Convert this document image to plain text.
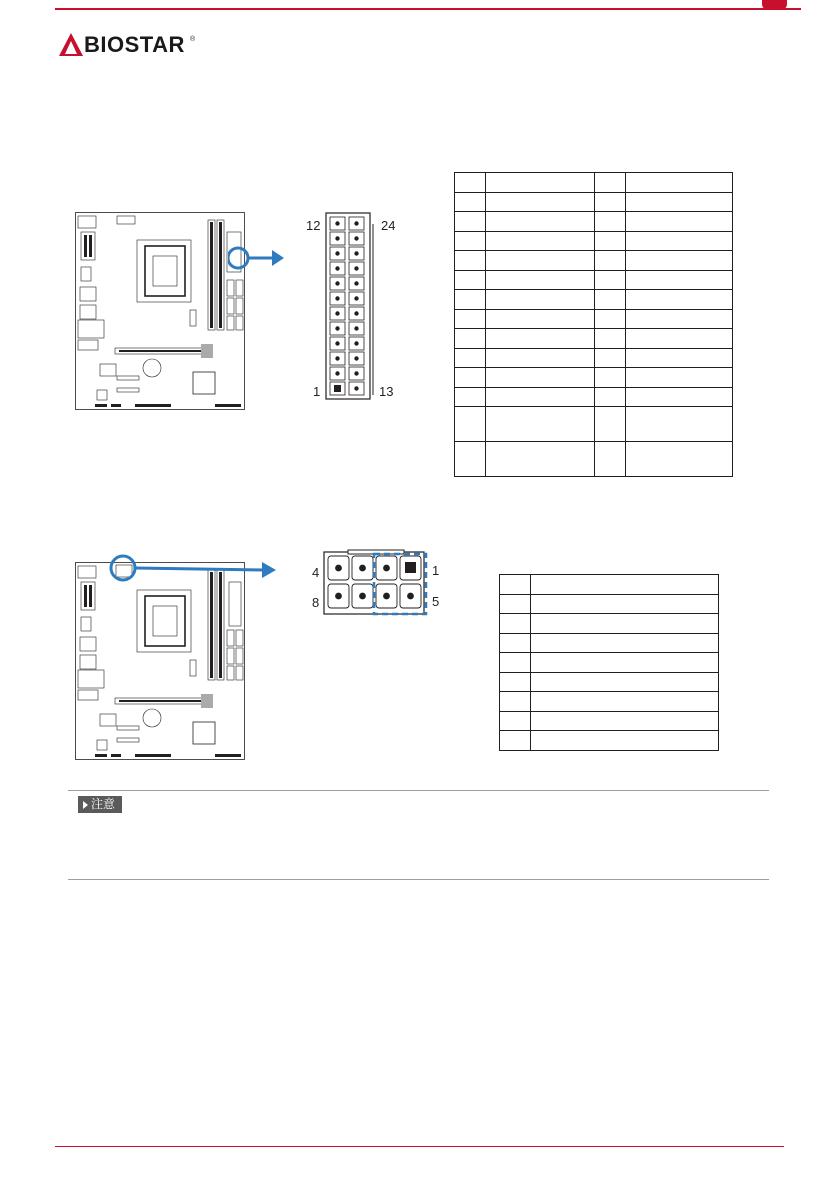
BIOSTAR ®
12	24
1	13

4	1
8	5

注意
